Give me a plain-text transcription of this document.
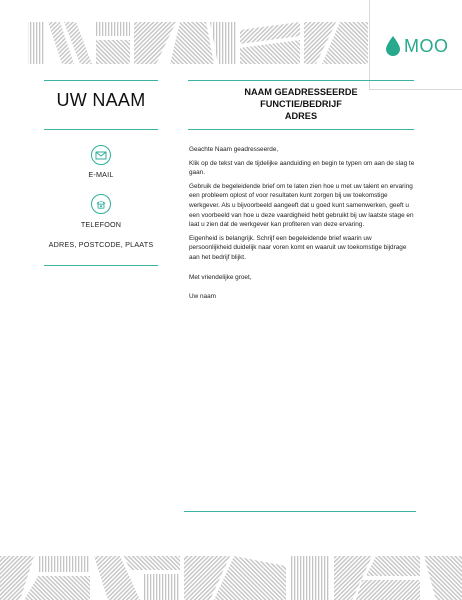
MOO
UW NAAM
E-MAIL
TELEFOON
ADRES, POSTCODE, PLAATS
NAAM GEADRESSEERDE
FUNCTIE/BEDRIJF
ADRES

Geachte Naam geadresseerde,

Klik op de tekst van de tijdelijke aanduiding en begin te typen om aan de slag te gaan.

Gebruik de begeleidende brief om te laten zien hoe u met uw talent en ervaring een probleem oplost of voor resultaten kunt zorgen bij uw toekomstige werkgever. Als u bijvoorbeeld aangeeft dat u goed kunt samenwerken, geeft u een voorbeeld van hoe u deze vaardigheid hebt gebruikt bij uw laatste stage en laat u zien dat de werkgever kan profiteren van deze ervaring.

Eigenheid is belangrijk. Schrijf een begeleidende brief waarin uw persoonlijkheid duidelijk naar voren komt en waaruit uw toekomstige bijdrage aan het bedrijf blijkt.

Met vriendelijke groet,

Uw naam
